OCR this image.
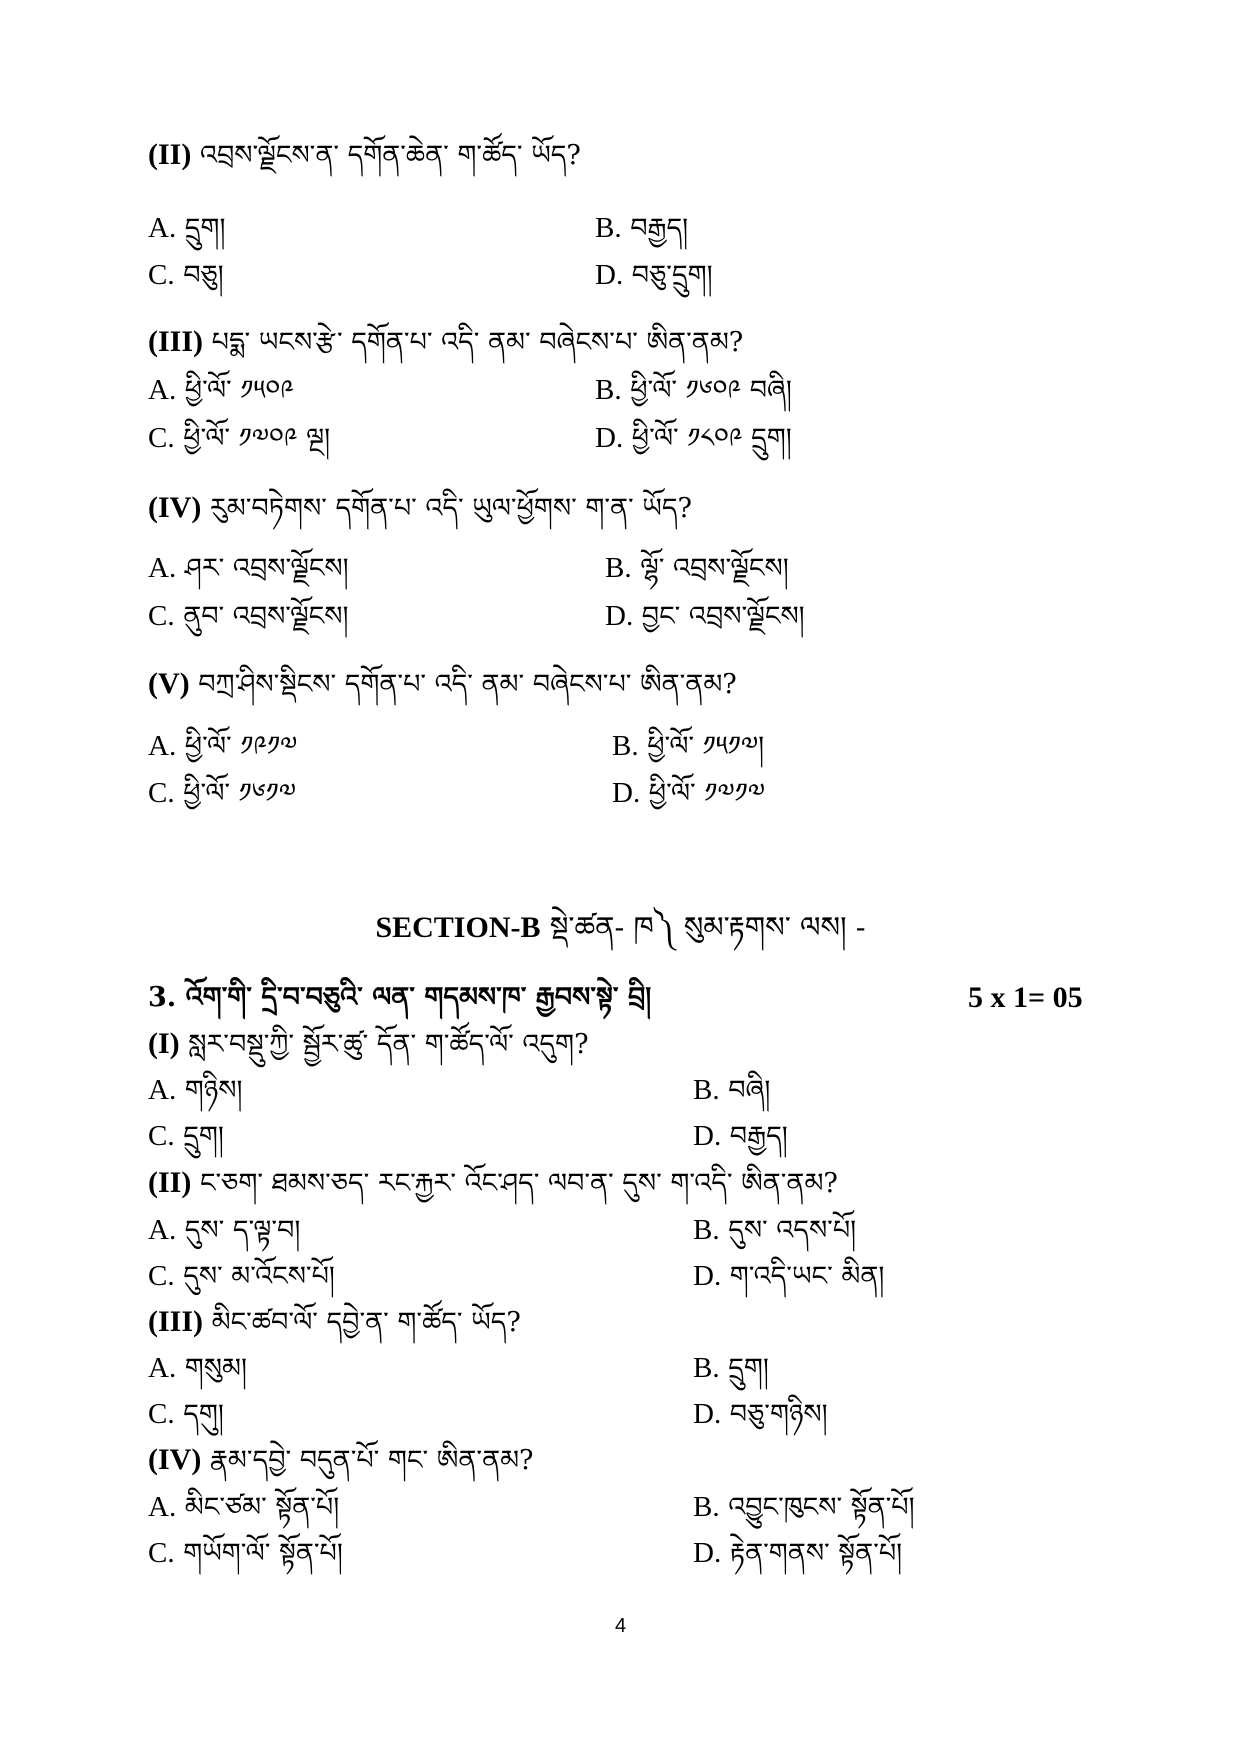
(II) འབྲས་ལྗོངས་ན་ དགོན་ཆེན་ ག་ཚོད་ ཡོད?
A. དྲུག།	B. བརྒྱད།
C. བཅུ།	D. བཅུ་དྲུག།
(III) པདྨ་ ཡངས་རྩེ་ དགོན་པ་ འདི་ ནམ་ བཞེངས་པ་ ཨིན་ནམ?
A. ཕྱི་ལོ་ ༡༥༠༩	B. ཕྱི་ལོ་ ༡༦༠༩ བཞི།
C. ཕྱི་ལོ་ ༡༧༠༩ ལྔ།	D. ཕྱི་ལོ་ ༡༨༠༩ དྲུག།
(IV) རུམ་བཏེགས་ དགོན་པ་ འདི་ ཡུལ་ཕྱོགས་ ག་ན་ ཡོད?
A. ཤར་ འབྲས་ལྗོངས།	B. ལྷོ་ འབྲས་ལྗོངས།
C. ནུབ་ འབྲས་ལྗོངས།	D. བྱང་ འབྲས་ལྗོངས།
(V) བཀྲ་ཤིས་སྡིངས་ དགོན་པ་ འདི་ ནམ་ བཞེངས་པ་ ཨིན་ནམ?
A. ཕྱི་ལོ་ ༡༩༡༧	B. ཕྱི་ལོ་ ༡༥༡༧།
C. ཕྱི་ལོ་ ༡༦༡༧	D. ཕྱི་ལོ་ ༡༧༡༧
SECTION-B སྡེ་ཚན- ཁ༽ སུམ་རྟགས་ ལས། -
3. འོག་གི་ དྲི་བ་བཅུའི་ ལན་ གདམས་ཁ་ རྒྱབས་སྟེ་ བྲི།	5 x 1= 05
(I) སླར་བསྡུ་ཀྱི་ སྦྱོར་ཚུ་ དོན་ ག་ཚོད་ལོ་ འདུག?
A. གཉིས།	B. བཞི།
C. དྲུག།	D. བརྒྱད།
(II) ང་ཅག་ ཐམས་ཅད་ རང་རྐྱར་ འོང་ཤད་ ལབ་ན་ དུས་ ག་འདི་ ཨིན་ནམ?
A. དུས་ ད་ལྟ་བ།	B. དུས་ འདས་པོ།
C. དུས་ མ་འོངས་པོ།	D. ག་འདི་ཡང་ མིན།
(III) མིང་ཚབ་ལོ་ དབྱེ་ན་ ག་ཚོད་ ཡོད?
A. གསུམ།	B. དྲུག།
C. དགུ།	D. བཅུ་གཉིས།
(IV) རྣམ་དབྱེ་ བདུན་པོ་ གང་ ཨིན་ནམ?
A. མིང་ཙམ་ སྟོན་པོ།	B. འབྱུང་ཁུངས་ སྟོན་པོ།
C. གཡོག་ལོ་ སྟོན་པོ།	D. རྟེན་གནས་ སྟོན་པོ།
4
